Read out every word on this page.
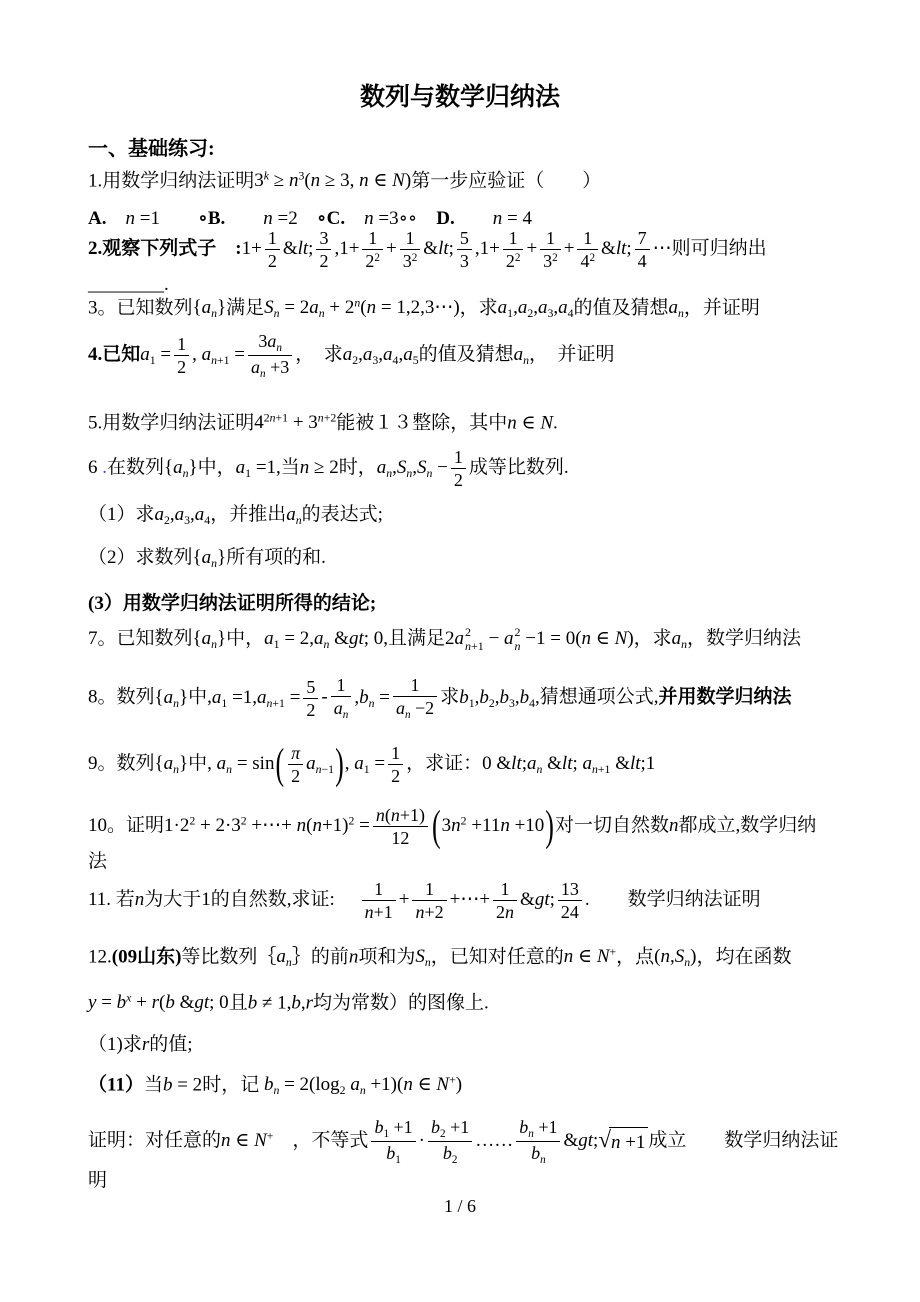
数列与数学归纳法
一、基础练习:
1.用数学归纳法证明$3^k \ge n^3(n \ge 3$, n ∈ N)第一步应验证（　　）
A.　 n =1　　 ∘B.　　 n =2　 ∘C.　 n =3∘∘　 D.　　 n = 4
2.观察下列式子　:1+ $\frac{1}{2}$ &lt; $\frac{3}{2} ,1+ \frac{1}{2^2} + \frac{1}{3^2}$ &lt; $\frac{5}{3} ,1+ \frac{1}{2^2} + \frac{1}{3^2} + \frac{1}{4^2}$ &lt; $\frac{7}{4}$ ⋯则可归纳出________.
3。已知数列$\{a_n\}$满足$S_n = 2a_n + 2^n(n$ = 1,2,3⋯)，求$a_1,a_2,a_3,a_4$的值及猜想$a_n$，并证明
4.已知$a_1 = \frac{1}{2}$ , $a_{n+1} = \frac{3a_n}{a_n +3}$ ，　求$a_2,a_3,a_4,a_5$的值及猜想$a_n$，　并证明
5.用数学归纳法证明$4^{2n+1} + 3^{n+2}$能被１３整除，其中n ∈ N.
6 .在数列$\{a_n\}$中，$a_1 =1$,当n ≥ 2时，$a_n,S_n,S_n - \frac{1}{2}$ 成等比数列.
（1）求$a_2,a_3,a_4$，并推出$a_n$的表达式;
（2）求数列$\{a_n\}$所有项的和.
(3）用数学归纳法证明所得的结论;
7。已知数列$\{a_n\}$中，$a_1 = 2,a_n$ &gt; 0,且满足2a 2
n+1 − a 2
n −1 = 0(n ∈ N)，求$a_n$，数学归纳法
8。数列$\{a_n\}$中$,a_1 =1,a_{n+1} = \frac{5}{2} - \frac{1}{a_n} ,b_n = \frac{1}{a_n -2}$ 求$b_1,b_2,b_3,b_4$,猜想通项公式,并用数学归纳法
9。数列$\{a_n\}$中, $a_n = \sin( \frac{\pi}{2} a_{n-1})$, $a_1 = \frac{1}{2}$ ，求证：0 $\&lt;a_n$ &lt; $a_{n+1}$ &lt;1
10。证明$1\cdot 2^2 + 2\cdot 3^2$ +⋯+ $n(n+1)^2 = \frac{n(n+1)}{12} (3n^2 +11n +10)$对一切自然数n都成立,数学归纳法
11. 若n为大于1的自然数,求证:　 $\frac{1}{n+1} + \frac{1}{n+2}$ +⋯+ $\frac{1}{2n}$ &gt; $\frac{13}{24}$ .　　数学归纳法证明
12.(09山东)等比数列$\{a_n\}$的前n项和为$S_n$，已知对任意的n ∈ N+，点$(n,S_n)$，均在函数
$y = b^x + r(b$ &gt; 0且b ≠ 1,b,r均为常数）的图像上.
（1)求r的值;
（11）当b = 2时，记 $b_n = 2(\log_2$ $a_n +1)(n$ ∈ N+)
证明：对任意的n ∈ N+　，不等式 $\frac{b_1 +1}{b_1} \cdot \frac{b_2 +1}{b_2}$ …… $\frac{b_n +1}{b_n}$ &gt; √ n +1 成立　　数学归纳法证明
1 / 6
